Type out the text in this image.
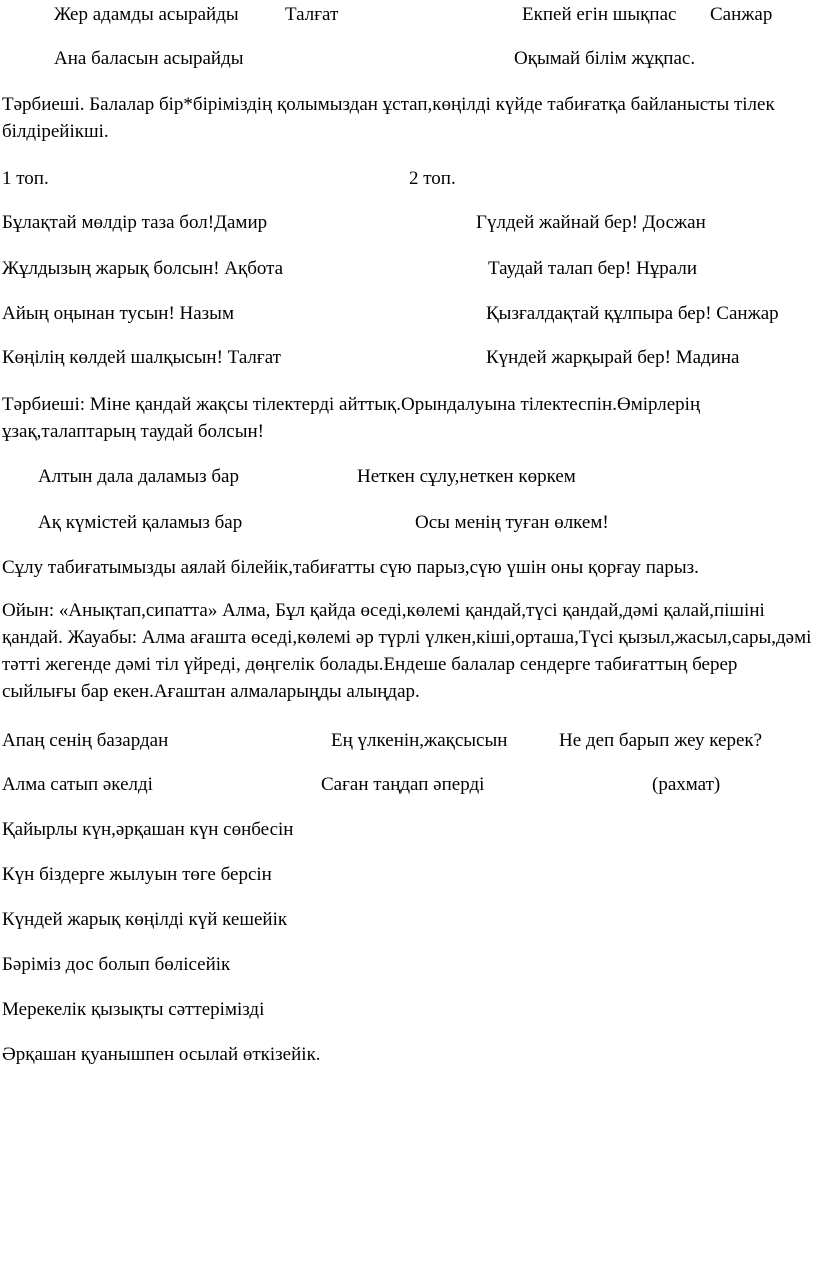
Жер адамды асырайды Талғат	Екпей егін шықпас Санжар
Ана баласын асырайды	Оқымай білім жұқпас.
Тәрбиеші. Балалар бір*біріміздің қолымыздан ұстап,көңілді күйде табиғатқа байланысты тілек білдірейікші.
1 топ.	2 топ.
Бұлақтай мөлдір таза бол!Дамир	Гүлдей жайнай бер! Досжан
Жұлдызың жарық болсын! Ақбота	Таудай талап бер! Нұрали
Айың оңынан тусын! Назым	Қызғалдақтай құлпыра бер! Санжар
Көңілің көлдей шалқысын! Талғат	Күндей жарқырай бер! Мадина
Тәрбиеші: Міне қандай жақсы тілектерді айттық.Орындалуына тілектеспін.Өмірлерің ұзақ,талаптарың таудай болсын!
Алтын дала даламыз бар	Неткен сұлу,неткен көркем
Ақ күмістей қаламыз бар	Осы менің туған өлкем!
Сұлу табиғатымызды аялай білейік,табиғатты сүю парыз,сүю үшін оны қорғау парыз.
Ойын: «Анықтап,сипатта» Алма, Бұл қайда өседі,көлемі қандай,түсі қандай,дәмі қалай,пішіні қандай. Жауабы: Алма ағашта өседі,көлемі әр түрлі үлкен,кіші,орташа,Түсі қызыл,жасыл,сары,дәмі тәтті жегенде дәмі тіл үйреді, дөңгелік болады.Ендеше балалар сендерге табиғаттың берер сыйлығы бар екен.Ағаштан алмаларыңды алыңдар.
Апаң сенің базардан	Ең үлкенін,жақсысын	Не деп барып жеу керек?
Алма сатып әкелді	Саған таңдап әперді	(рахмат)
Қайырлы күн,әрқашан күн сөнбесін
Күн біздерге жылуын төге берсін
Күндей жарық көңілді күй кешейік
Бәріміз дос болып бөлісейік
Мерекелік қызықты сәттерімізді
Әрқашан қуанышпен осылай өткізейік.
